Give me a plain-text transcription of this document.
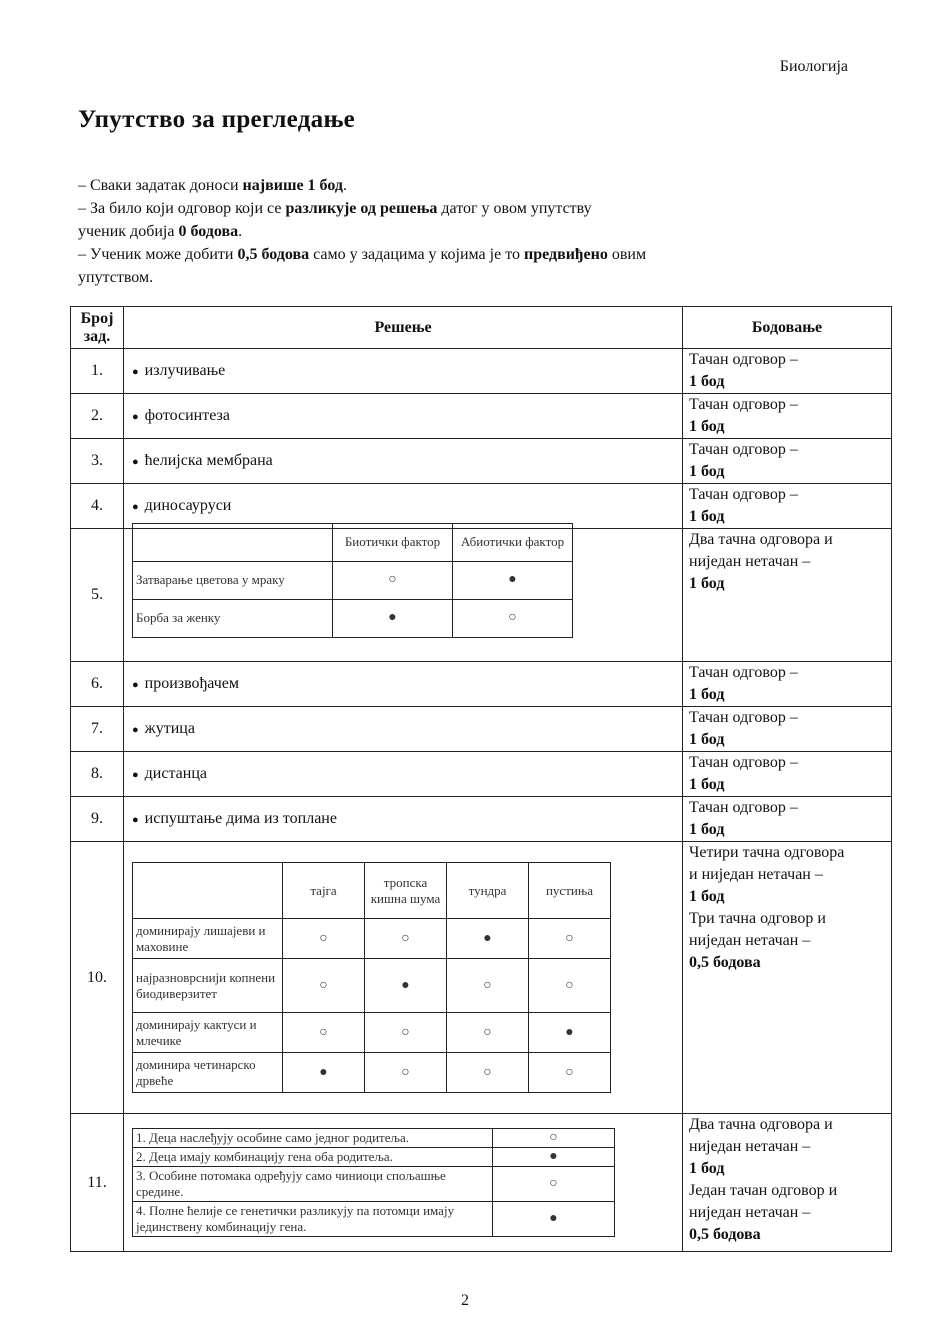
Биологија
Упутство за прегледање

– Сваки задатак доноси највише 1 бод.

– За било који одговор који се разликује од решења датог у овом упутству

ученик добија 0 бодова.

– Ученик може добити 0,5 бодова само у задацима у којима је то предвиђено овим

упутством.

Број зад.	Решење	Бодовање
1.	● излучивање	
Тачан одговор –
1 бод

2.	● фотосинтеза	
Тачан одговор –
1 бод

3.	● ћелијска мембрана	
Тачан одговор –
1 бод

4.	● диносауруси	
Тачан одговор –
1 бод

5.	
	Биотички фактор	Абиотички фактор
Затварање цветова у мраку	○	●
Борба за женку	●	○

Два тачна одговора и
ниједан нетачан –
1 бод

6.	● произвођачем	
Тачан одговор –
1 бод

7.	● жутица	
Тачан одговор –
1 бод

8.	● дистанца	
Тачан одговор –
1 бод

9.	● испуштање дима из топлане	
Тачан одговор –
1 бод

10.	
	тајга	тропска кишна шума	тундра	пустиња
доминирају лишајеви и маховине	○	○	●	○
најразноврснији копнени биодиверзитет	○	●	○	○
доминирају кактуси и млечике	○	○	○	●
доминира четинарско дрвеће	●	○	○	○

Четири тачна одговора
и ниједан нетачан –
1 бод
Три тачна одговор и
ниједан нетачан –
0,5 бодова

11.	
1. Деца наслеђују особине само једног родитеља.	○
2. Деца имају комбинацију гена оба родитеља.	●
3. Особине потомака одређују само чиниоци спољашње средине.	○
4. Полне ћелије се генетички разликују па потомци имају јединствену комбинацију гена.	●

Два тачна одговора и
ниједан нетачан –
1 бод
Један тачан одговор и
ниједан нетачан –
0,5 бодова
2
